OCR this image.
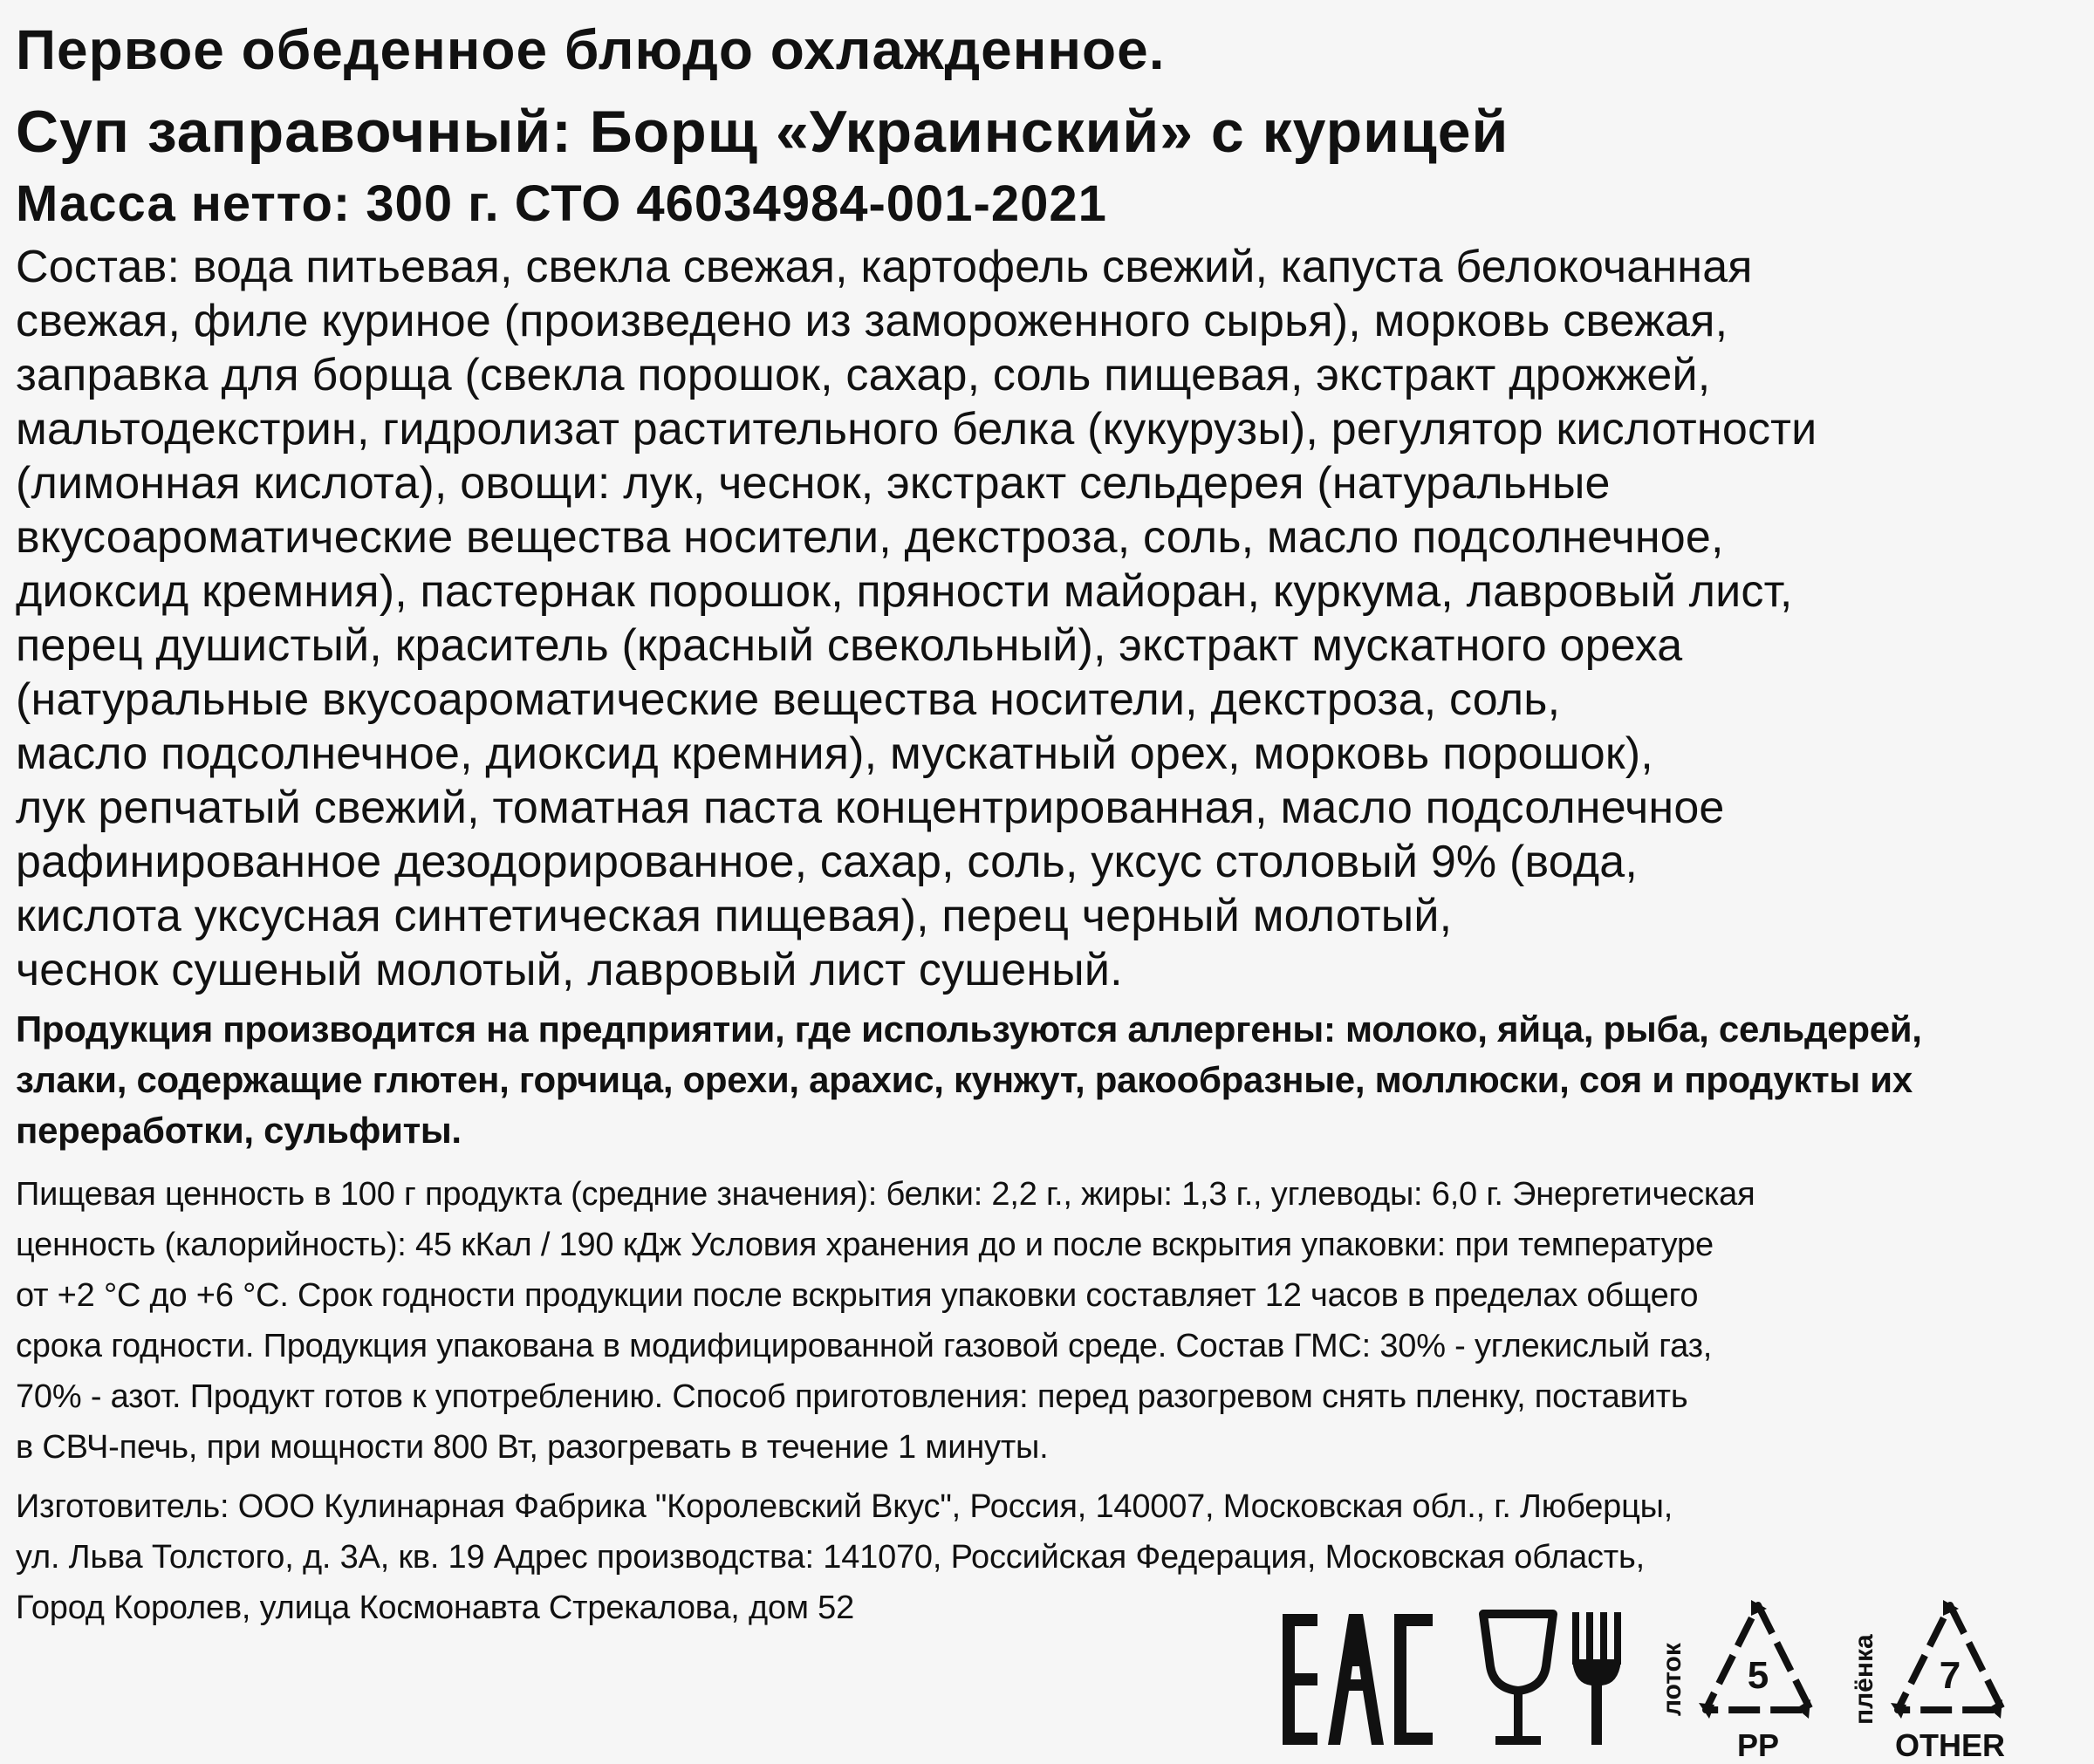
Первое обеденное блюдо охлажденное.
Суп заправочный: Борщ «Украинский» с курицей
Масса нетто: 300 г. СТО 46034984-001-2021
Состав: вода питьевая, свекла свежая, картофель свежий, капуста белокочанная
свежая, филе куриное (произведено из замороженного сырья), морковь свежая,
заправка для борща (свекла порошок, сахар, соль пищевая, экстракт дрожжей,
мальтодекстрин, гидролизат растительного белка (кукурузы), регулятор кислотности
(лимонная кислота), овощи: лук, чеснок, экстракт сельдерея (натуральные
вкусоароматические вещества носители, декстроза, соль, масло подсолнечное,
диоксид кремния), пастернак порошок, пряности майоран, куркума, лавровый лист,
перец душистый, краситель (красный свекольный), экстракт мускатного ореха
(натуральные вкусоароматические вещества носители, декстроза, соль,
масло подсолнечное, диоксид кремния), мускатный орех, морковь порошок),
лук репчатый свежий, томатная паста концентрированная, масло подсолнечное
рафинированное дезодорированное, сахар, соль, уксус столовый 9% (вода,
кислота уксусная синтетическая пищевая), перец черный молотый,
чеснок сушеный молотый, лавровый лист сушеный.
Продукция производится на предприятии, где используются аллергены: молоко, яйца, рыба, сельдерей,
злаки, содержащие глютен, горчица, орехи, арахис, кунжут, ракообразные, моллюски, соя и продукты их
переработки, сульфиты.
Пищевая ценность в 100 г продукта (средние значения): белки: 2,2 г., жиры: 1,3 г., углеводы: 6,0 г. Энергетическая
ценность (калорийность): 45 кКал / 190 кДж Условия хранения до и после вскрытия упаковки: при температуре
от +2 °С до +6 °С. Срок годности продукции после вскрытия упаковки составляет 12 часов в пределах общего
срока годности. Продукция упакована в модифицированной газовой среде. Состав ГМС: 30% - углекислый газ,
70% - азот. Продукт готов к употреблению. Способ приготовления: перед разогревом снять пленку, поставить
в СВЧ-печь, при мощности 800 Вт, разогревать в течение 1 минуты.
Изготовитель: ООО Кулинарная Фабрика "Королевский Вкус", Россия, 140007, Московская обл., г. Люберцы,
ул. Льва Толстого, д. 3А, кв. 19 Адрес производства: 141070, Российская Федерация, Московская область,
Город Королев, улица Космонавта Стрекалова, дом 52
лоток	5
PP
плёнка	7
OTHER
